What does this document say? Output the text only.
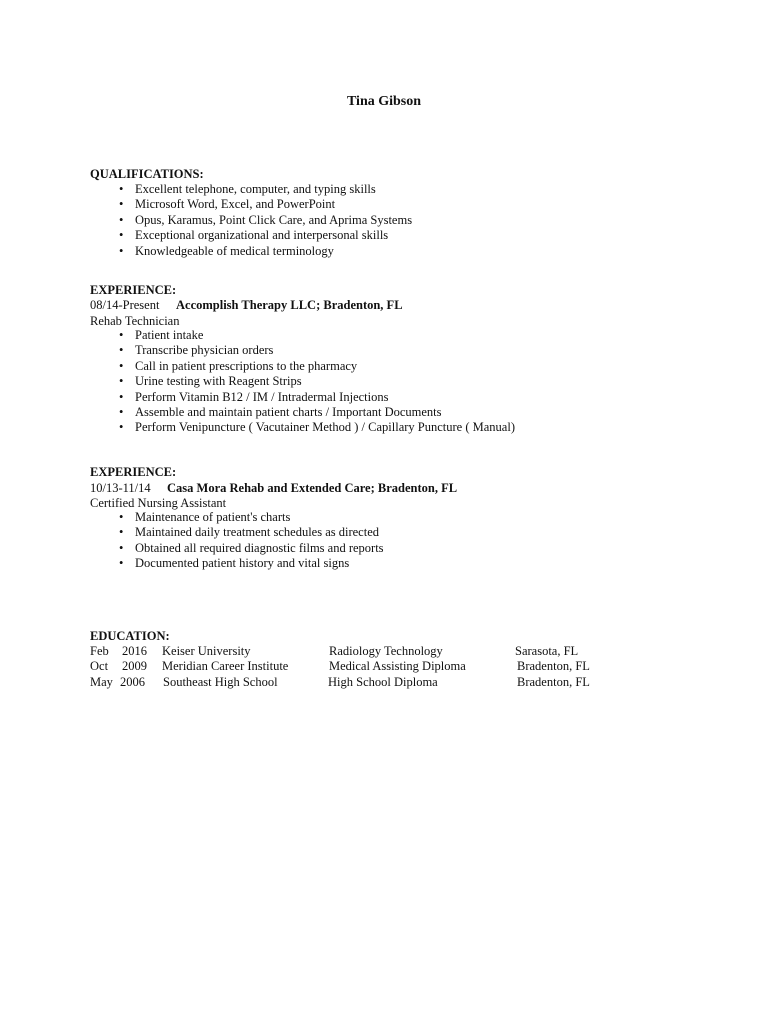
Tina Gibson
QUALIFICATIONS:
• Excellent telephone, computer, and typing skills
• Microsoft Word, Excel, and PowerPoint
• Opus, Karamus, Point Click Care, and Aprima Systems
• Exceptional organizational and interpersonal skills
• Knowledgeable of medical terminology
EXPERIENCE:
08/14-Present Accomplish Therapy LLC; Bradenton, FL
Rehab Technician
• Patient intake
• Transcribe physician orders
• Call in patient prescriptions to the pharmacy
• Urine testing with Reagent Strips
• Perform Vitamin B12 / IM / Intradermal Injections
• Assemble and maintain patient charts / Important Documents
• Perform Venipuncture ( Vacutainer Method ) / Capillary Puncture ( Manual)
EXPERIENCE:
10/13-11/14 Casa Mora Rehab and Extended Care; Bradenton, FL
Certified Nursing Assistant
• Maintenance of patient's charts
• Maintained daily treatment schedules as directed
• Obtained all required diagnostic films and reports
• Documented patient history and vital signs
EDUCATION:
Feb 2016 Keiser University	Radiology Technology	Sarasota, FL
Oct 2009 Meridian Career Institute	Medical Assisting Diploma	Bradenton, FL
May 2006 Southeast High School	High School Diploma	Bradenton, FL
